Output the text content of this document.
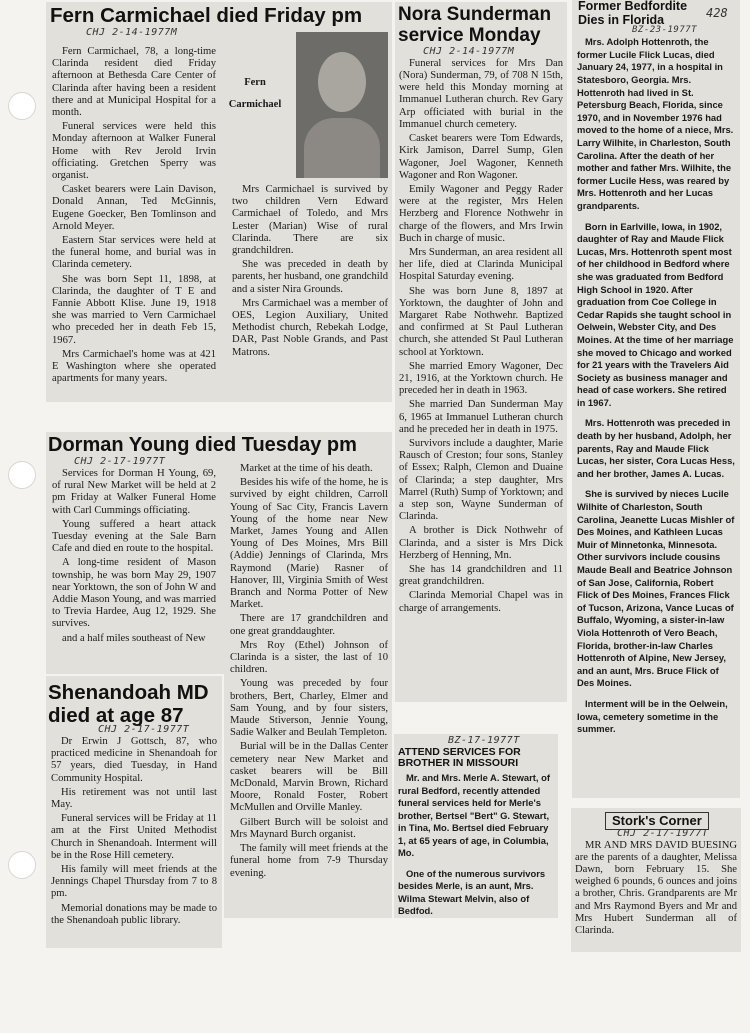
Fern Carmichael died Friday pm

CHJ 2-14-1977M

Fern Carmichael, 78, a long-time Clarinda resident died Friday afternoon at Bethesda Care Center of Clarinda after having been a resident there and at Municipal Hospital for a month.

Funeral services were held this Monday afternoon at Walker Funeral Home with Rev Jerold Irvin officiating. Gretchen Sperry was organist.

Casket bearers were Lain Davison, Donald Annan, Ted McGinnis, Eugene Goecker, Ben Tomlinson and Arnold Meyer.

Eastern Star services were held at the funeral home, and burial was in Clarinda cemetery.

She was born Sept 11, 1898, at Clarinda, the daughter of T E and Fannie Abbott Klise. June 19, 1918 she was married to Vern Carmichael who preceded her in death Feb 15, 1967.

Mrs Carmichael's home was at 421 E Washington where she operated apartments for many years.

Fern
Carmichael

Mrs Carmichael is survived by two children Vern Edward Carmichael of Toledo, and Mrs Lester (Marian) Wise of rural Clarinda. There are six grandchildren.

She was preceded in death by parents, her husband, one grandchild and a sister Nira Grounds.

Mrs Carmichael was a member of OES, Legion Auxiliary, United Methodist church, Rebekah Lodge, DAR, Past Noble Grands, and Past Matrons.

Nora Sunderman
service Monday

CHJ 2-14-1977M

Funeral services for Mrs Dan (Nora) Sunderman, 79, of 708 N 15th, were held this Monday morning at Immanuel Lutheran church. Rev Gary Arp officiated with burial in the Immanuel church cemetery.

Casket bearers were Tom Edwards, Kirk Jamison, Darrel Sump, Glen Wagoner, Joel Wagoner, Kenneth Wagoner and Ron Wagoner.

Emily Wagoner and Peggy Rader were at the register, Mrs Helen Herzberg and Florence Nothwehr in charge of the flowers, and Mrs Irwin Buch in charge of music.

Mrs Sunderman, an area resident all her life, died at Clarinda Municipal Hospital Saturday evening.

She was born June 8, 1897 at Yorktown, the daughter of John and Margaret Rabe Nothwehr. Baptized and confirmed at St Paul Lutheran church, she attended St Paul Lutheran school at Yorktown.

She married Emory Wagoner, Dec 21, 1916, at the Yorktown church. He preceded her in death in 1963.

She married Dan Sunderman May 6, 1965 at Immanuel Lutheran church and he preceded her in death in 1975.

Survivors include a daughter, Marie Rausch of Creston; four sons, Stanley of Essex; Ralph, Clemon and Duaine of Clarinda; a step daughter, Mrs Marrel (Ruth) Sump of Yorktown; and a step son, Wayne Sunderman of Clarinda.

A brother is Dick Nothwehr of Clarinda, and a sister is Mrs Dick Herzberg of Henning, Mn.

She has 14 grandchildren and 11 great grandchildren.

Clarinda Memorial Chapel was in charge of arrangements.

Former Bedfordite
Dies in Florida

BZ-23-1977T

Mrs. Adolph Hottenroth, the former Lucile Flick Lucas, died January 24, 1977, in a hospital in Statesboro, Georgia. Mrs. Hottenroth had lived in St. Petersburg Beach, Florida, since 1970, and in November 1976 had moved to the home of a niece, Mrs. Larry Wilhite, in Charleston, South Carolina. After the death of her mother and father Mrs. Wilhite, the former Lucile Hess, was reared by Mrs. Hottenroth and her Lucas grandparents.

Born in Earlville, Iowa, in 1902, daughter of Ray and Maude Flick Lucas, Mrs. Hottenroth spent most of her childhood in Bedford where she was graduated from Bedford High School in 1920. After graduation from Coe College in Cedar Rapids she taught school in Oelwein, Webster City, and Des Moines. At the time of her marriage she moved to Chicago and worked for 21 years with the Travelers Aid Society as business manager and head of case workers. She retired in 1967.

Mrs. Hottenroth was preceded in death by her husband, Adolph, her parents, Ray and Maude Flick Lucas, her sister, Cora Lucas Hess, and her brother, James A. Lucas.

She is survived by nieces Lucile Wilhite of Charleston, South Carolina, Jeanette Lucas Mishler of Des Moines, and Kathleen Lucas Muir of Minnetonka, Minnesota. Other survivors include cousins Maude Beall and Beatrice Johnson of San Jose, California, Robert Flick of Des Moines, Frances Flick of Tucson, Arizona, Vance Lucas of Buffalo, Wyoming, a sister-in-law Viola Hottenroth of Vero Beach, Florida, brother-in-law Charles Hottenroth of Alpine, New Jersey, and an aunt, Mrs. Bruce Flick of Des Moines.

Interment will be in the Oelwein, Iowa, cemetery sometime in the summer.

428
Dorman Young died Tuesday pm

CHJ 2-17-1977T

Services for Dorman H Young, 69, of rural New Market will be held at 2 pm Friday at Walker Funeral Home with Carl Cummings officiating.

Young suffered a heart attack Tuesday evening at the Sale Barn Cafe and died en route to the hospital.

A long-time resident of Mason township, he was born May 29, 1907 near Yorktown, the son of John W and Addie Mason Young, and was married to Trevia Hardee, Aug 12, 1929. She survives.

and a half miles southeast of New

Market at the time of his death.

Besides his wife of the home, he is survived by eight children, Carroll Young of Sac City, Francis Lavern Young of the home near New Market, James Young and Allen Young of Des Moines, Mrs Bill (Addie) Jennings of Clarinda, Mrs Raymond (Marie) Rasner of Hanover, Ill, Virginia Smith of West Branch and Norma Potter of New Market.

There are 17 grandchildren and one great granddaughter.

Mrs Roy (Ethel) Johnson of Clarinda is a sister, the last of 10 children.

Young was preceded by four brothers, Bert, Charley, Elmer and Sam Young, and by four sisters, Maude Stiverson, Jennie Young, Sadie Walker and Beulah Templeton.

Burial will be in the Dallas Center cemetery near New Market and casket bearers will be Bill McDonald, Marvin Brown, Richard Moore, Ronald Foster, Robert McMullen and Orville Manley.

Gilbert Burch will be soloist and Mrs Maynard Burch organist.

The family will meet friends at the funeral home from 7-9 Thursday evening.

Shenandoah MD
died at age 87

CHJ 2-17-1977T

Dr Erwin J Gottsch, 87, who practiced medicine in Shenandoah for 57 years, died Tuesday, in Hand Community Hospital.

His retirement was not until last May.

Funeral services will be Friday at 11 am at the First United Methodist Church in Shenandoah. Interment will be in the Rose Hill cemetery.

His family will meet friends at the Jennings Chapel Thursday from 7 to 8 pm.

Memorial donations may be made to the Shenandoah public library.

BZ-17-1977T

ATTEND SERVICES FOR
BROTHER IN MISSOURI

Mr. and Mrs. Merle A. Stewart, of rural Bedford, recently attended funeral services held for Merle's brother, Bertsel "Bert" G. Stewart, in Tina, Mo. Bertsel died February 1, at 65 years of age, in Columbia, Mo.

One of the numerous survivors besides Merle, is an aunt, Mrs. Wilma Stewart Melvin, also of Bedfod.

Stork's Corner

CHJ 2-17-1977T

MR AND MRS DAVID BUESING are the parents of a daughter, Melissa Dawn, born February 15. She weighed 6 pounds, 6 ounces and joins a brother, Chris. Grandparents are Mr and Mrs Raymond Byers and Mr and Mrs Hubert Sunderman all of Clarinda.
